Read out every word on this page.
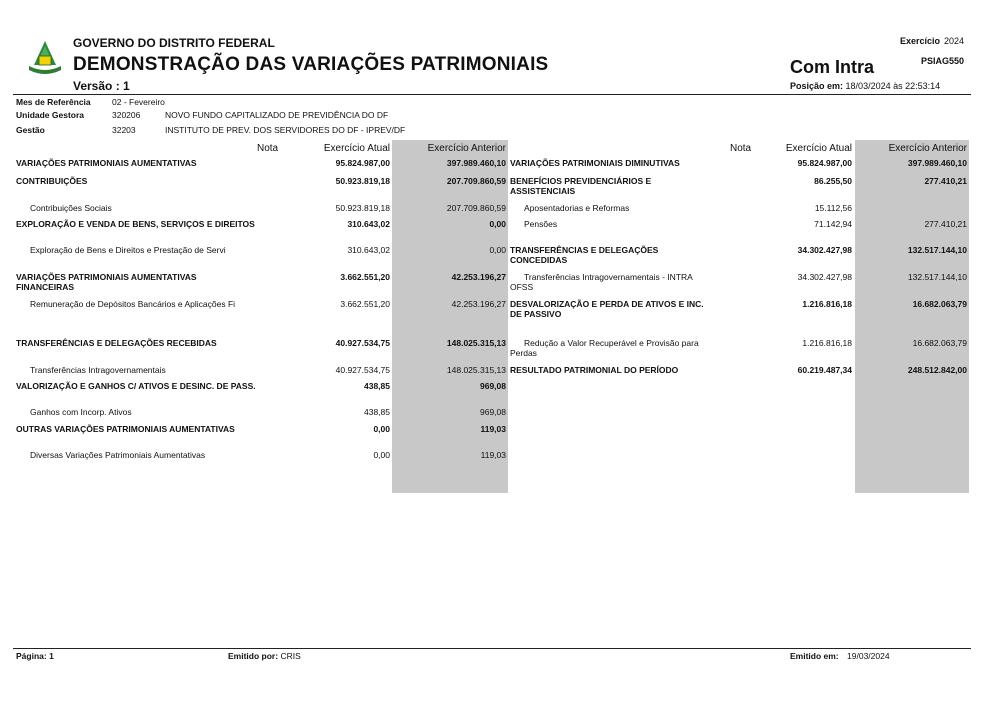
GOVERNO DO DISTRITO FEDERAL
DEMONSTRAÇÃO DAS VARIAÇÕES PATRIMONIAIS
Versão : 1
Exercício 2024
Com Intra	PSIAG550
Posição em: 18/03/2024 às 22:53:14
Mes de Referência	02 - Fevereiro
Unidade Gestora	320206	NOVO FUNDO CAPITALIZADO DE PREVIDÊNCIA DO DF
Gestão	32203	INSTITUTO DE PREV. DOS SERVIDORES DO DF - IPREV/DF
Nota	Exercício Atual	Exercício Anterior	Nota	Exercício Atual	Exercício Anterior
VARIAÇÕES PATRIMONIAIS AUMENTATIVAS	95.824.987,00	397.989.460,10
CONTRIBUIÇÕES	50.923.819,18	207.709.860,59
Contribuições Sociais	50.923.819,18	207.709.860,59
EXPLORAÇÃO E VENDA DE BENS, SERVIÇOS E DIREITOS	310.643,02	0,00
Exploração de Bens e Direitos e Prestação de Servi	310.643,02	0,00
VARIAÇÕES PATRIMONIAIS AUMENTATIVAS FINANCEIRAS
3.662.551,20	42.253.196,27
Remuneração de Depósitos Bancários e Aplicações Fi	3.662.551,20	42.253.196,27
TRANSFERÊNCIAS E DELEGAÇÕES RECEBIDAS	40.927.534,75	148.025.315,13
Transferências Intragovernamentais	40.927.534,75	148.025.315,13
VALORIZAÇÃO E GANHOS C/ ATIVOS E DESINC. DE PASS.	438,85	969,08
Ganhos com Incorp. Ativos	438,85	969,08
OUTRAS VARIAÇÕES PATRIMONIAIS AUMENTATIVAS	0,00	119,03
Diversas Variações Patrimoniais Aumentativas	0,00	119,03
VARIAÇÕES PATRIMONIAIS DIMINUTIVAS	95.824.987,00	397.989.460,10
BENEFÍCIOS PREVIDENCIÁRIOS E ASSISTENCIAIS
86.255,50	277.410,21
Aposentadorias e Reformas	15.112,56
Pensões	71.142,94	277.410,21
TRANSFERÊNCIAS E DELEGAÇÕES CONCEDIDAS
34.302.427,98	132.517.144,10
Transferências Intragovernamentais - INTRA OFSS
34.302.427,98	132.517.144,10
DESVALORIZAÇÃO E PERDA DE ATIVOS E INC. DE PASSIVO
1.216.816,18	16.682.063,79
Redução a Valor Recuperável e Provisão para Perdas
1.216.816,18	16.682.063,79
RESULTADO PATRIMONIAL DO PERÍODO	60.219.487,34	248.512.842,00
Página: 1	Emitido por: CRIS	Emitido em: 19/03/2024
